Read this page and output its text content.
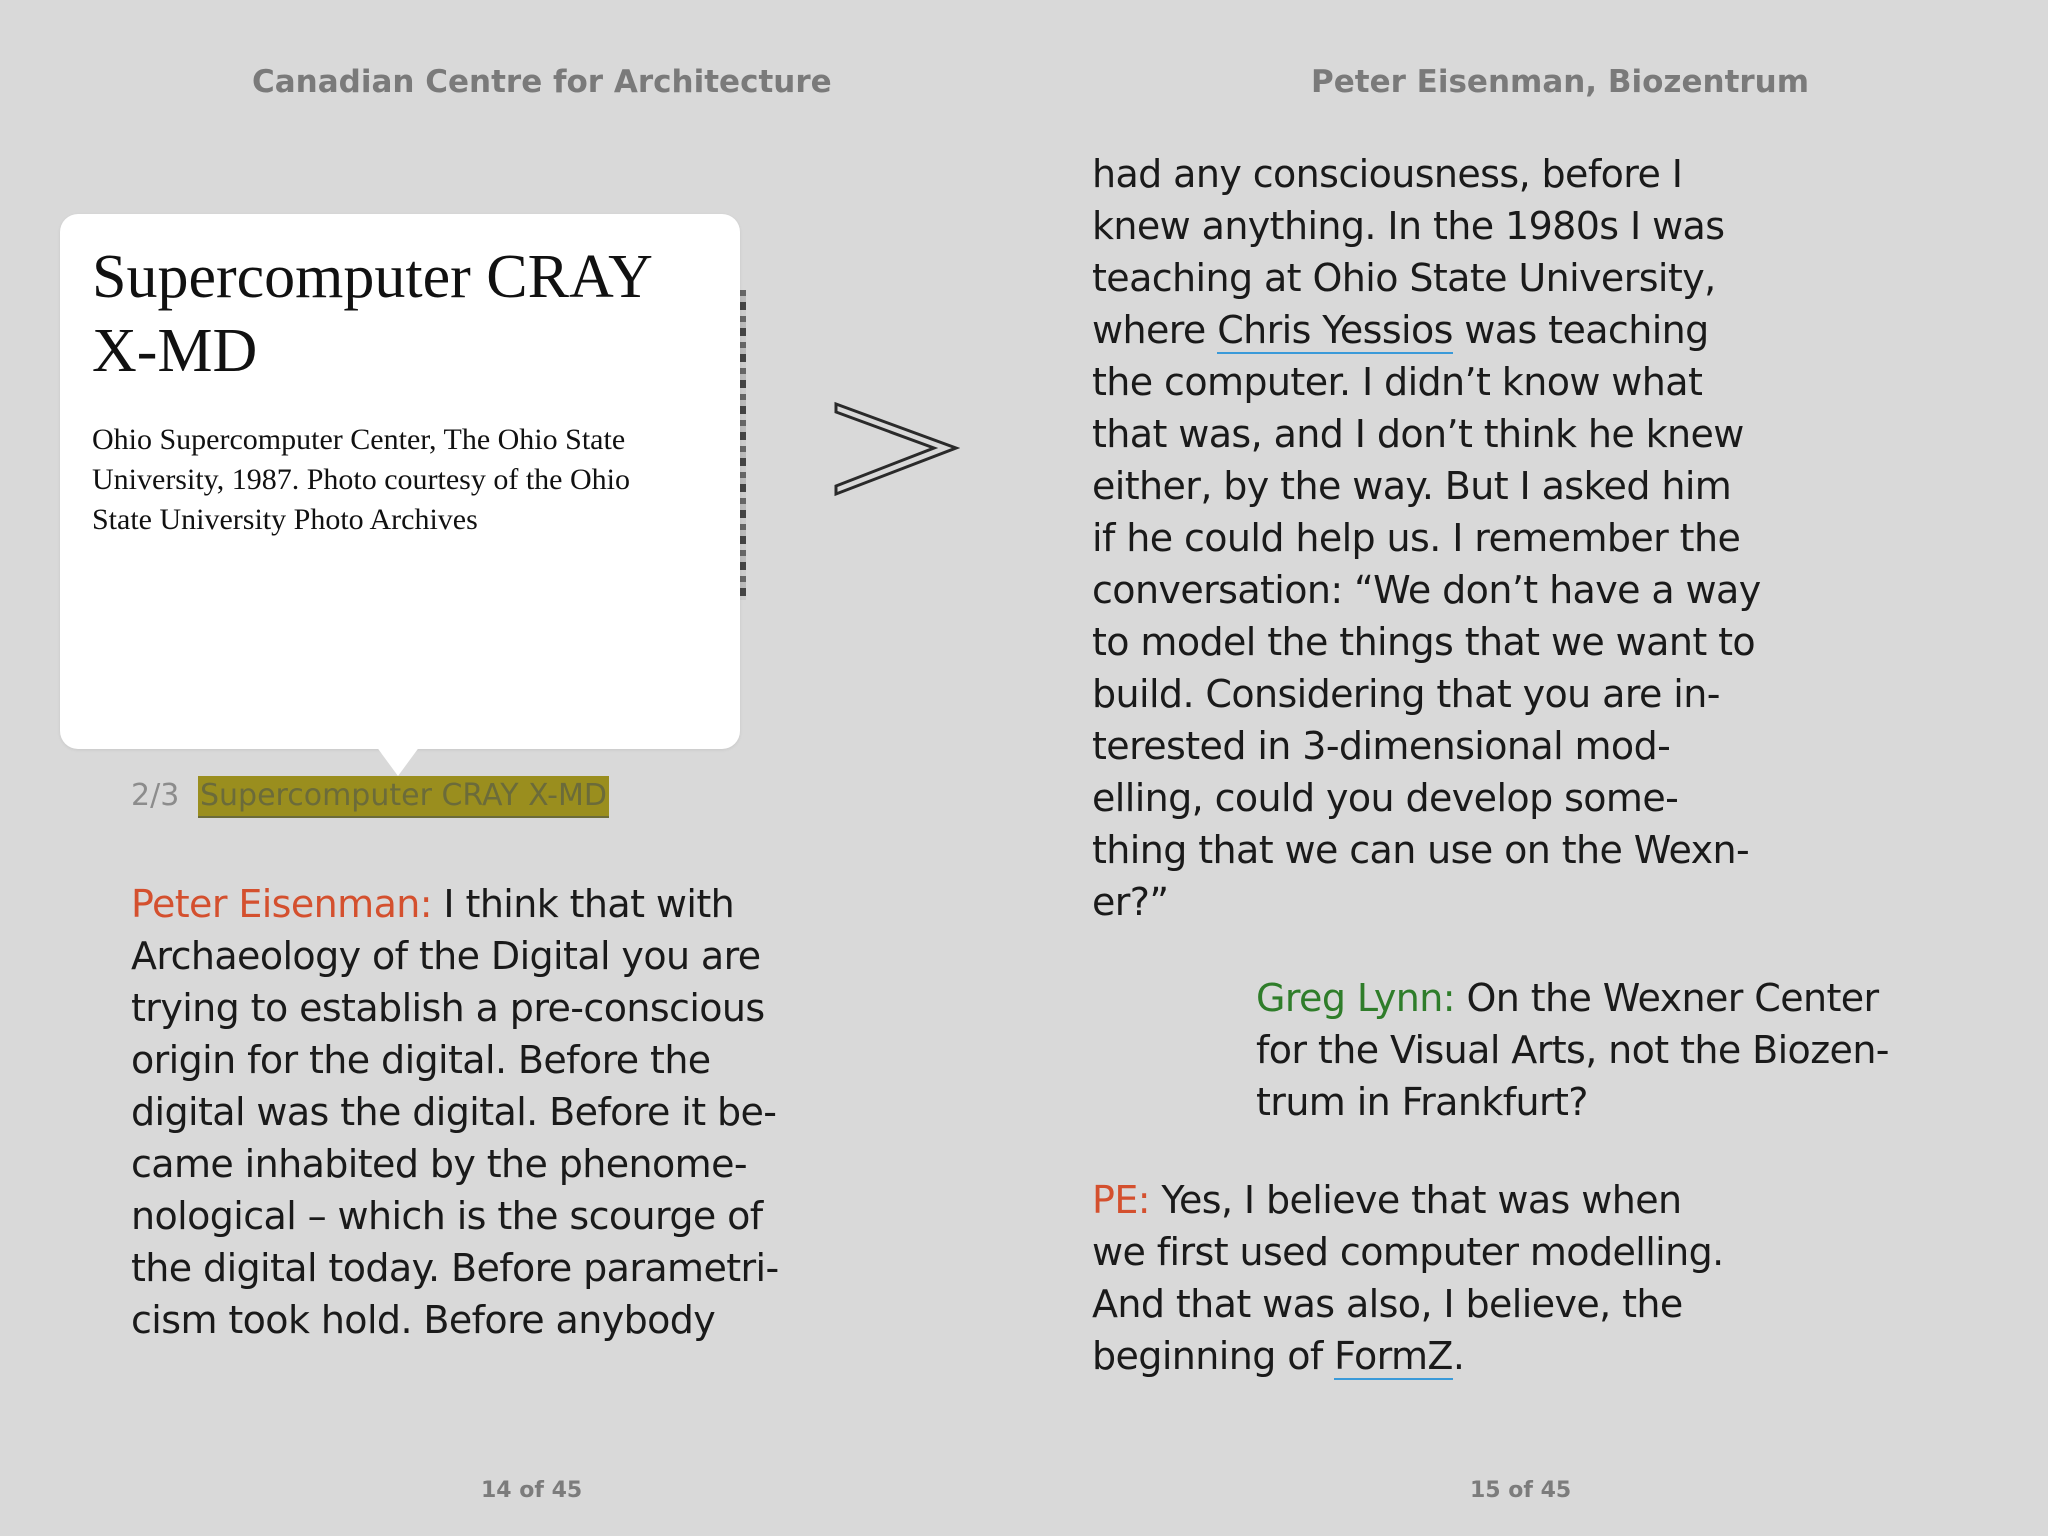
Canadian Centre for Architecture	Peter Eisenman, Biozentrum
Supercomputer CRAY
X-MD
Ohio Supercomputer Center, The Ohio State
University, 1987. Photo courtesy of the Ohio
State University Photo Archives
2/3 Supercomputer CRAY X-MD
Peter Eisenman: I think that with
Archaeology of the Digital you are
trying to establish a pre-conscious
origin for the digital. Before the
digital was the digital. Before it be-
came inhabited by the phenome-
nological – which is the scourge of
the digital today. Before parametri-
cism took hold. Before anybody
had any consciousness, before I
knew anything. In the 1980s I was
teaching at Ohio State University,
where Chris Yessios was teaching
the computer. I didn’t know what
that was, and I don’t think he knew
either, by the way. But I asked him
if he could help us. I remember the
conversation: “We don’t have a way
to model the things that we want to
build. Considering that you are in-
terested in 3-dimensional mod-
elling, could you develop some-
thing that we can use on the Wexn-
er?”
Greg Lynn: On the Wexner Center
for the Visual Arts, not the Biozen-
trum in Frankfurt?
PE: Yes, I believe that was when
we first used computer modelling.
And that was also, I believe, the
beginning of FormZ.
14 of 45	15 of 45
